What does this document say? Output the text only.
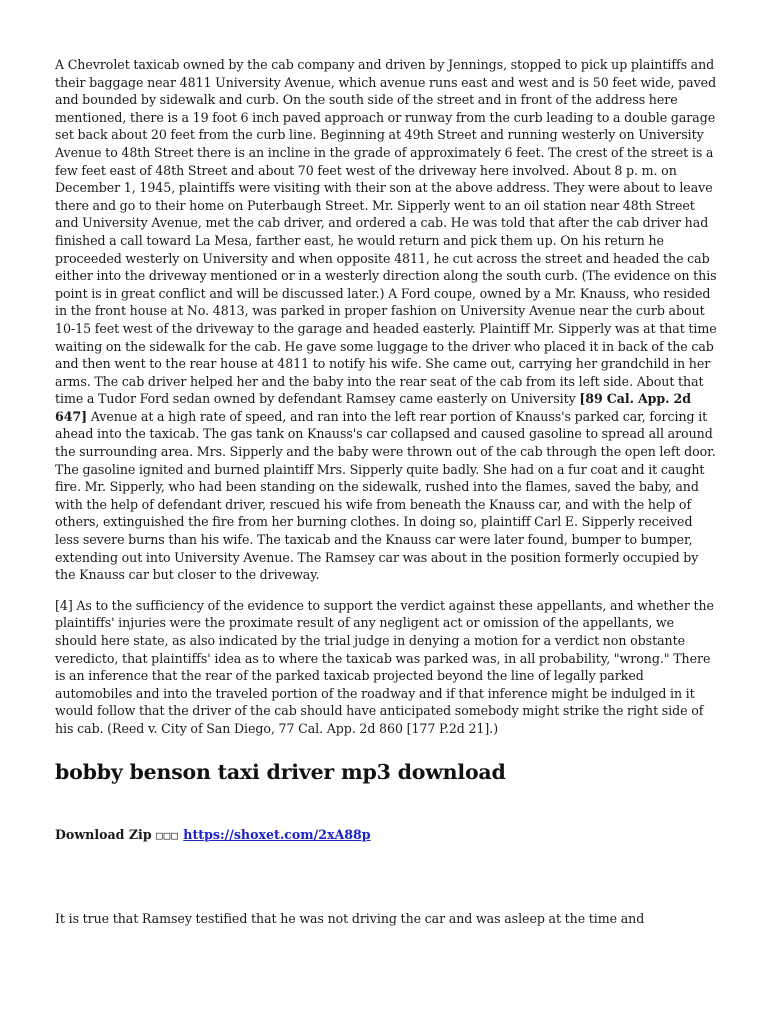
A Chevrolet taxicab owned by the cab company and driven by Jennings, stopped to pick up plaintiffs and their baggage near 4811 University Avenue, which avenue runs east and west and is 50 feet wide, paved and bounded by sidewalk and curb. On the south side of the street and in front of the address here mentioned, there is a 19 foot 6 inch paved approach or runway from the curb leading to a double garage set back about 20 feet from the curb line. Beginning at 49th Street and running westerly on University Avenue to 48th Street there is an incline in the grade of approximately 6 feet. The crest of the street is a few feet east of 48th Street and about 70 feet west of the driveway here involved. About 8 p. m. on December 1, 1945, plaintiffs were visiting with their son at the above address. They were about to leave there and go to their home on Puterbaugh Street. Mr. Sipperly went to an oil station near 48th Street and University Avenue, met the cab driver, and ordered a cab. He was told that after the cab driver had finished a call toward La Mesa, farther east, he would return and pick them up. On his return he proceeded westerly on University and when opposite 4811, he cut across the street and headed the cab either into the driveway mentioned or in a westerly direction along the south curb. (The evidence on this point is in great conflict and will be discussed later.) A Ford coupe, owned by a Mr. Knauss, who resided in the front house at No. 4813, was parked in proper fashion on University Avenue near the curb about 10-15 feet west of the driveway to the garage and headed easterly. Plaintiff Mr. Sipperly was at that time waiting on the sidewalk for the cab. He gave some luggage to the driver who placed it in back of the cab and then went to the rear house at 4811 to notify his wife. She came out, carrying her grandchild in her arms. The cab driver helped her and the baby into the rear seat of the cab from its left side. About that time a Tudor Ford sedan owned by defendant Ramsey came easterly on University [89 Cal. App. 2d 647] Avenue at a high rate of speed, and ran into the left rear portion of Knauss's parked car, forcing it ahead into the taxicab. The gas tank on Knauss's car collapsed and caused gasoline to spread all around the surrounding area. Mrs. Sipperly and the baby were thrown out of the cab through the open left door. The gasoline ignited and burned plaintiff Mrs. Sipperly quite badly. She had on a fur coat and it caught fire. Mr. Sipperly, who had been standing on the sidewalk, rushed into the flames, saved the baby, and with the help of defendant driver, rescued his wife from beneath the Knauss car, and with the help of others, extinguished the fire from her burning clothes. In doing so, plaintiff Carl E. Sipperly received less severe burns than his wife. The taxicab and the Knauss car were later found, bumper to bumper, extending out into University Avenue. The Ramsey car was about in the position formerly occupied by the Knauss car but closer to the driveway.

[4] As to the sufficiency of the evidence to support the verdict against these appellants, and whether the plaintiffs' injuries were the proximate result of any negligent act or omission of the appellants, we should here state, as also indicated by the trial judge in denying a motion for a verdict non obstante veredicto, that plaintiffs' idea as to where the taxicab was parked was, in all probability, "wrong." There is an inference that the rear of the parked taxicab projected beyond the line of legally parked automobiles and into the traveled portion of the roadway and if that inference might be indulged in it would follow that the driver of the cab should have anticipated somebody might strike the right side of his cab. (Reed v. City of San Diego, 77 Cal. App. 2d 860 [177 P.2d 21].)

bobby benson taxi driver mp3 download
Download Zip □□□ https://shoxet.com/2xA88p

It is true that Ramsey testified that he was not driving the car and was asleep at the time and
